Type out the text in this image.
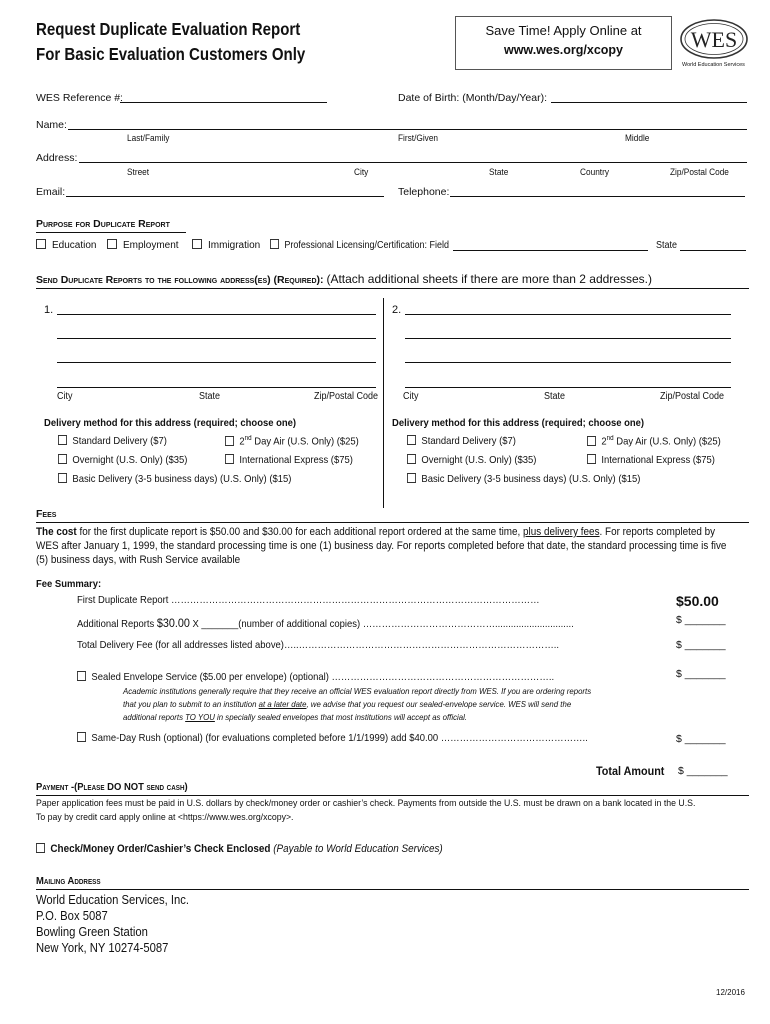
Request Duplicate Evaluation Report
For Basic Evaluation Customers Only
Save Time! Apply Online at
www.wes.org/xcopy	WES
World Education Services
WES Reference #:	Date of Birth: (Month/Day/Year):
Name:
Last/Family	First/Given	Middle
Address:
Street	City	State	Country	Zip/Postal Code
Email:	Telephone:
Purpose for Duplicate Report
Education	Employment	Immigration	Professional Licensing/Certification: Field	State
Send Duplicate Reports to the following address(es) (Required): (Attach additional sheets if there are more than 2 addresses.)
1.
City	State	Zip/Postal Code
Delivery method for this address (required; choose one)
Standard Delivery ($7)	2nd Day Air (U.S. Only) ($25)
Overnight (U.S. Only) ($35)	International Express ($75)
Basic Delivery (3-5 business days) (U.S. Only) ($15)
2.
City	State	Zip/Postal Code
Delivery method for this address (required; choose one)
Standard Delivery ($7)	2nd Day Air (U.S. Only) ($25)
Overnight (U.S. Only) ($35)	International Express ($75)
Basic Delivery (3-5 business days) (U.S. Only) ($15)
Fees
The cost for the first duplicate report is $50.00 and $30.00 for each additional report ordered at the same time, plus delivery fees. For reports completed by
WES after January 1, 1999, the standard processing time is one (1) business day. For reports completed before that date, the standard processing time is five
(5) business days, with Rush Service available
Fee Summary:
First Duplicate Report ………………………………………………………………………………………………………	$50.00
Additional Reports $30.00 X _______(number of additional copies) ……………………………………..............................	$ _______
Total Delivery Fee (for all addresses listed above)…..………………………………………………………………………..	$ _______
Sealed Envelope Service ($5.00 per envelope) (optional) ……………………………………………………………..	$ _______
Academic institutions generally require that they receive an official WES evaluation report directly from WES. If you are ordering reports
that you plan to submit to an institution at a later date, we advise that you request our sealed-envelope service. WES will send the
additional reports TO YOU in specially sealed envelopes that most institutions will accept as official.
Same-Day Rush (optional) (for evaluations completed before 1/1/1999) add $40.00 ………………………………………..	$ _______
Total Amount $ _______
Payment -(Please DO NOT send cash)
Paper application fees must be paid in U.S. dollars by check/money order or cashier’s check. Payments from outside the U.S. must be drawn on a bank located in the U.S.
To pay by credit card apply online at <https://www.wes.org/xcopy>.
Check/Money Order/Cashier’s Check Enclosed (Payable to World Education Services)
Mailing Address
World Education Services, Inc.
P.O. Box 5087
Bowling Green Station
New York, NY 10274-5087
12/2016
